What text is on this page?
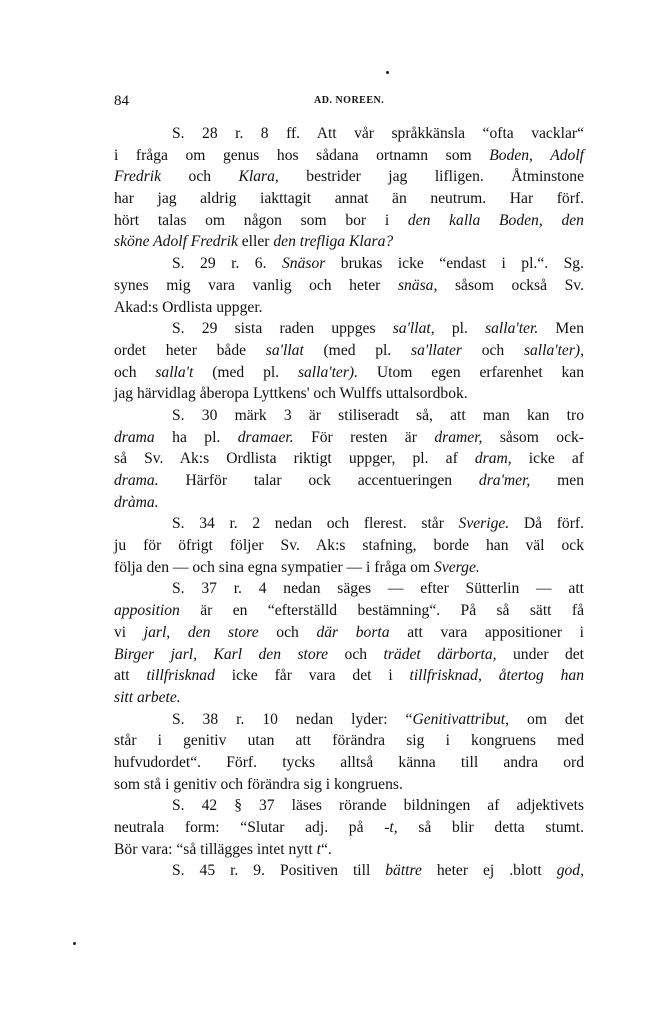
84	AD. NOREEN.
S. 28 r. 8 ff. Att vår språkkänsla “ofta vacklar“
i fråga om genus hos sådana ortnamn som Boden, Adolf
Fredrik och Klara, bestrider jag lifligen. Åtminstone
har jag aldrig iakttagit annat än neutrum. Har förf.
hört talas om någon som bor i den kalla Boden, den
sköne Adolf Fredrik eller den trefliga Klara?
S. 29 r. 6. Snäsor brukas icke “endast i pl.“. Sg.
synes mig vara vanlig och heter snäsa, såsom också Sv.
Akad:s Ordlista uppger.
S. 29 sista raden uppges sa'llat, pl. salla'ter. Men
ordet heter både sa'llat (med pl. sa'llater och salla'ter),
och salla't (med pl. salla'ter). Utom egen erfarenhet kan
jag härvidlag åberopa Lyttkens' och Wulffs uttalsordbok.
S. 30 märk 3 är stiliseradt så, att man kan tro
drama ha pl. dramaer. För resten är dramer, såsom ock-
så Sv. Ak:s Ordlista riktigt uppger, pl. af dram, icke af
drama. Härför talar ock accentueringen dra'mer, men
dràma.
S. 34 r. 2 nedan och flerest. står Sverige. Då förf.
ju för öfrigt följer Sv. Ak:s stafning, borde han väl ock
följa den — och sina egna sympatier — i fråga om Sverge.
S. 37 r. 4 nedan säges — efter Sütterlin — att
apposition är en “efterställd bestämning“. På så sätt få
vi jarl, den store och där borta att vara appositioner i
Birger jarl, Karl den store och trädet därborta, under det
att tillfrisknad icke får vara det i tillfrisknad, återtog han
sitt arbete.
S. 38 r. 10 nedan lyder: “Genitivattribut, om det
står i genitiv utan att förändra sig i kongruens med
hufvudordet“. Förf. tycks alltså känna till andra ord
som stå i genitiv och förändra sig i kongruens.
S. 42 § 37 läses rörande bildningen af adjektivets
neutrala form: “Slutar adj. på -t, så blir detta stumt.
Bör vara: “så tillägges intet nytt t“.
S. 45 r. 9. Positiven till bättre heter ej .blott god,
